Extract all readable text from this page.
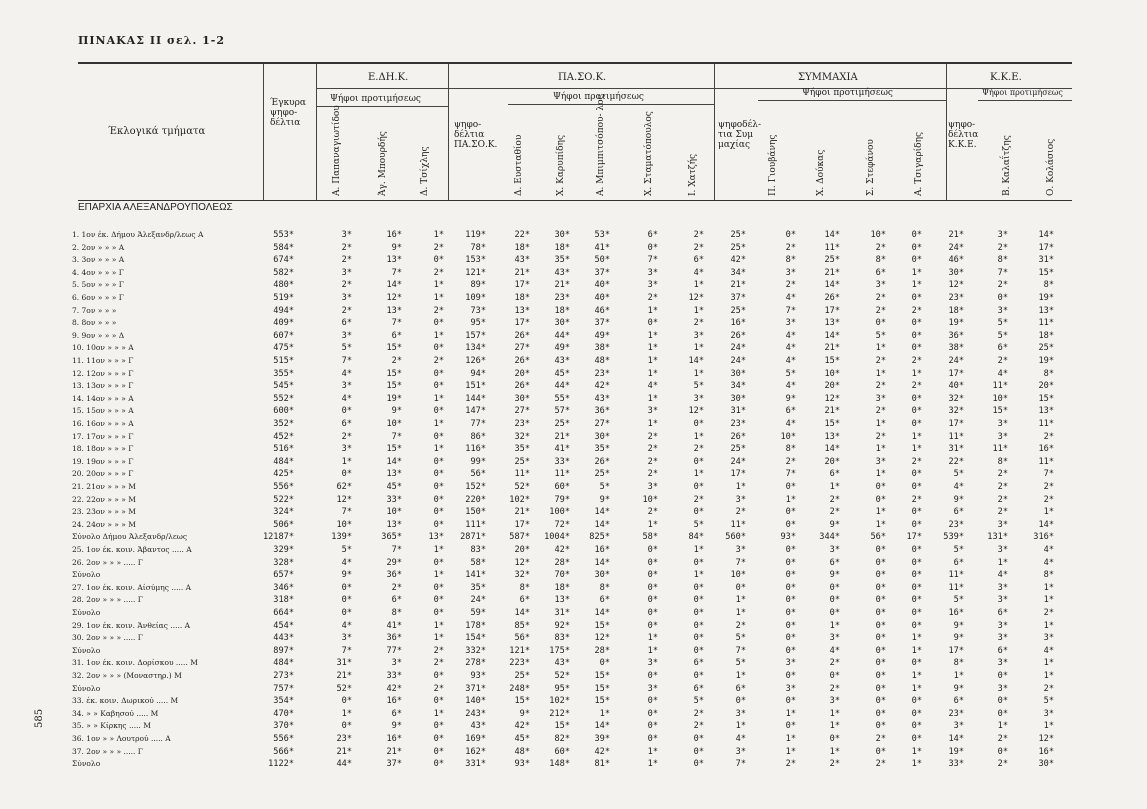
ΠΙΝΑΚΑΣ II σελ. 1-2
585
Έκλογικά τμήματα
Έγκυρα ψηφο- δέλτια
Ε.ΔΗ.Κ.
Ψήφοι προτιμήσεως
Α. Παπαναγιωτίδου	Άγ. Μπουρδής	Δ. Τσίχλης
ΠΑ.ΣΟ.Κ.
ψηφο- δέλτια ΠΑ.ΣΟ.Κ.
Ψήφοι προτιμήσεως
Δ. Ευσταθίου	Χ. Καρυπίδης	Α. Μπιμπιτσόπου- λος	Χ. Σταματόπουλος	Ι. Χατζής
ΣΥΜΜΑΧΙΑ
ψηφοδέλ- τια Συμ μαχίας
Ψήφοι προτιμήσεως
Π. Γιουβάνης	Χ. Δούκας	Σ. Στεφάνου	Α. Τσιγαρίδης
Κ.Κ.Ε.
ψηφο- δέλτια Κ.Κ.Ε.
Ψήφοι προτιμήσεως
Β. Καλαΐτζης	Ο. Κολάσιος
ΕΠΑΡΧΙΑ ΑΛΕΞΑΝΔΡΟΥΠΟΛΕΩΣ
1. 1ον έκ. Δήμου Άλεξανδρ/λεως Α	553*	3*	16*	1*	119*	22*	30*	53*	6*	2*	25*	0*	14*	10*	0*	21*	3*	14*
2. 2ον » » » Α	584*	2*	9*	2*	78*	18*	18*	41*	0*	2*	25*	2*	11*	2*	0*	24*	2*	17*
3. 3ον » » » Α	674*	2*	13*	0*	153*	43*	35*	50*	7*	6*	42*	8*	25*	8*	0*	46*	8*	31*
4. 4ον » » » Γ	582*	3*	7*	2*	121*	21*	43*	37*	3*	4*	34*	3*	21*	6*	1*	30*	7*	15*
5. 5ον » » » Γ	480*	2*	14*	1*	89*	17*	21*	40*	3*	1*	21*	2*	14*	3*	1*	12*	2*	8*
6. 6ον » » » Γ	519*	3*	12*	1*	109*	18*	23*	40*	2*	12*	37*	4*	26*	2*	0*	23*	0*	19*
7. 7ον » » »	494*	2*	13*	2*	73*	13*	18*	46*	1*	1*	25*	7*	17*	2*	2*	18*	3*	13*
8. 8ον » » »	409*	6*	7*	0*	95*	17*	30*	37*	0*	2*	16*	3*	13*	0*	0*	19*	5*	11*
9. 9ον » » » Δ	607*	3*	6*	1*	157*	26*	44*	49*	1*	3*	26*	4*	14*	5*	0*	36*	5*	18*
10. 10ον » » » Α	475*	5*	15*	0*	134*	27*	49*	38*	1*	1*	24*	4*	21*	1*	0*	38*	6*	25*
11. 11ον » » » Γ	515*	7*	2*	2*	126*	26*	43*	48*	1*	14*	24*	4*	15*	2*	2*	24*	2*	19*
12. 12ον » » » Γ	355*	4*	15*	0*	94*	20*	45*	23*	1*	1*	30*	5*	10*	1*	1*	17*	4*	8*
13. 13ον » » » Γ	545*	3*	15*	0*	151*	26*	44*	42*	4*	5*	34*	4*	20*	2*	2*	40*	11*	20*
14. 14ον » » » Α	552*	4*	19*	1*	144*	30*	55*	43*	1*	3*	30*	9*	12*	3*	0*	32*	10*	15*
15. 15ον » » » Α	600*	0*	9*	0*	147*	27*	57*	36*	3*	12*	31*	6*	21*	2*	0*	32*	15*	13*
16. 16ον » » » Α	352*	6*	10*	1*	77*	23*	25*	27*	1*	0*	23*	4*	15*	1*	0*	17*	3*	11*
17. 17ον » » » Γ	452*	2*	7*	0*	86*	32*	21*	30*	2*	1*	26*	10*	13*	2*	1*	11*	3*	2*
18. 18ον » » » Γ	516*	3*	15*	1*	116*	35*	41*	35*	2*	2*	25*	8*	14*	1*	1*	31*	11*	16*
19. 19ον » » » Γ	484*	1*	14*	0*	99*	25*	33*	26*	2*	0*	24*	2*	20*	3*	2*	22*	8*	11*
20. 20ον » » » Γ	425*	0*	13*	0*	56*	11*	11*	25*	2*	1*	17*	7*	6*	1*	0*	5*	2*	7*
21. 21ον » » » Μ	556*	62*	45*	0*	152*	52*	60*	5*	3*	0*	1*	0*	1*	0*	0*	4*	2*	2*
22. 22ον » » » Μ	522*	12*	33*	0*	220*	102*	79*	9*	10*	2*	3*	1*	2*	0*	2*	9*	2*	2*
23. 23ον » » » Μ	324*	7*	10*	0*	150*	21*	100*	14*	2*	0*	2*	0*	2*	1*	0*	6*	2*	1*
24. 24ον » » » Μ	506*	10*	13*	0*	111*	17*	72*	14*	1*	5*	11*	0*	9*	1*	0*	23*	3*	14*
Σύνολο Δήμου Άλεξανδρ/λεως	12187*	139*	365*	13*	2871*	587*	1004*	825*	58*	84*	560*	93*	344*	56*	17*	539*	131*	316*
25. 1ον έκ. κοιν. Άβαντος ..... Α	329*	5*	7*	1*	83*	20*	42*	16*	0*	1*	3*	0*	3*	0*	0*	5*	3*	4*
26. 2ον » » » ..... Γ	328*	4*	29*	0*	58*	12*	28*	14*	0*	0*	7*	0*	6*	0*	0*	6*	1*	4*
Σύνολο	657*	9*	36*	1*	141*	32*	70*	30*	0*	1*	10*	0*	9*	0*	0*	11*	4*	8*
27. 1ον έκ. κοιν. Αίσύμης ..... Α	346*	0*	2*	0*	35*	8*	18*	8*	0*	0*	0*	0*	0*	0*	0*	11*	3*	1*
28. 2ον » » » ..... Γ	318*	0*	6*	0*	24*	6*	13*	6*	0*	0*	1*	0*	0*	0*	0*	5*	3*	1*
Σύνολο	664*	0*	8*	0*	59*	14*	31*	14*	0*	0*	1*	0*	0*	0*	0*	16*	6*	2*
29. 1ον έκ. κοιν. Άνθείας ..... Α	454*	4*	41*	1*	178*	85*	92*	15*	0*	0*	2*	0*	1*	0*	0*	9*	3*	1*
30. 2ον » » » ..... Γ	443*	3*	36*	1*	154*	56*	83*	12*	1*	0*	5*	0*	3*	0*	1*	9*	3*	3*
Σύνολο	897*	7*	77*	2*	332*	121*	175*	28*	1*	0*	7*	0*	4*	0*	1*	17*	6*	4*
31. 1ον έκ. κοιν. Δορίσκου ..... Μ	484*	31*	3*	2*	278*	223*	43*	0*	3*	6*	5*	3*	2*	0*	0*	8*	3*	1*
32. 2ον » » » (Μοναστηρ.) Μ	273*	21*	33*	0*	93*	25*	52*	15*	0*	0*	1*	0*	0*	0*	1*	1*	0*	1*
Σύνολο	757*	52*	42*	2*	371*	248*	95*	15*	3*	6*	6*	3*	2*	0*	1*	9*	3*	2*
33. έκ. κοιν. Δωρικού ..... Μ	354*	0*	16*	0*	140*	15*	102*	15*	0*	5*	0*	0*	3*	0*	0*	6*	0*	5*
34. » » Καβησού ..... Μ	470*	1*	6*	1*	243*	9*	212*	1*	0*	2*	3*	1*	1*	0*	0*	23*	0*	3*
35. » » Κίρκης ..... Μ	370*	0*	9*	0*	43*	42*	15*	14*	0*	2*	1*	0*	1*	0*	0*	3*	1*	1*
36. 1ον » » Λουτρού ..... Α	556*	23*	16*	0*	169*	45*	82*	39*	0*	0*	4*	1*	0*	2*	0*	14*	2*	12*
37. 2ον » » » ..... Γ	566*	21*	21*	0*	162*	48*	60*	42*	1*	0*	3*	1*	1*	0*	1*	19*	0*	16*
Σύνολο	1122*	44*	37*	0*	331*	93*	148*	81*	1*	0*	7*	2*	2*	2*	1*	33*	2*	30*
